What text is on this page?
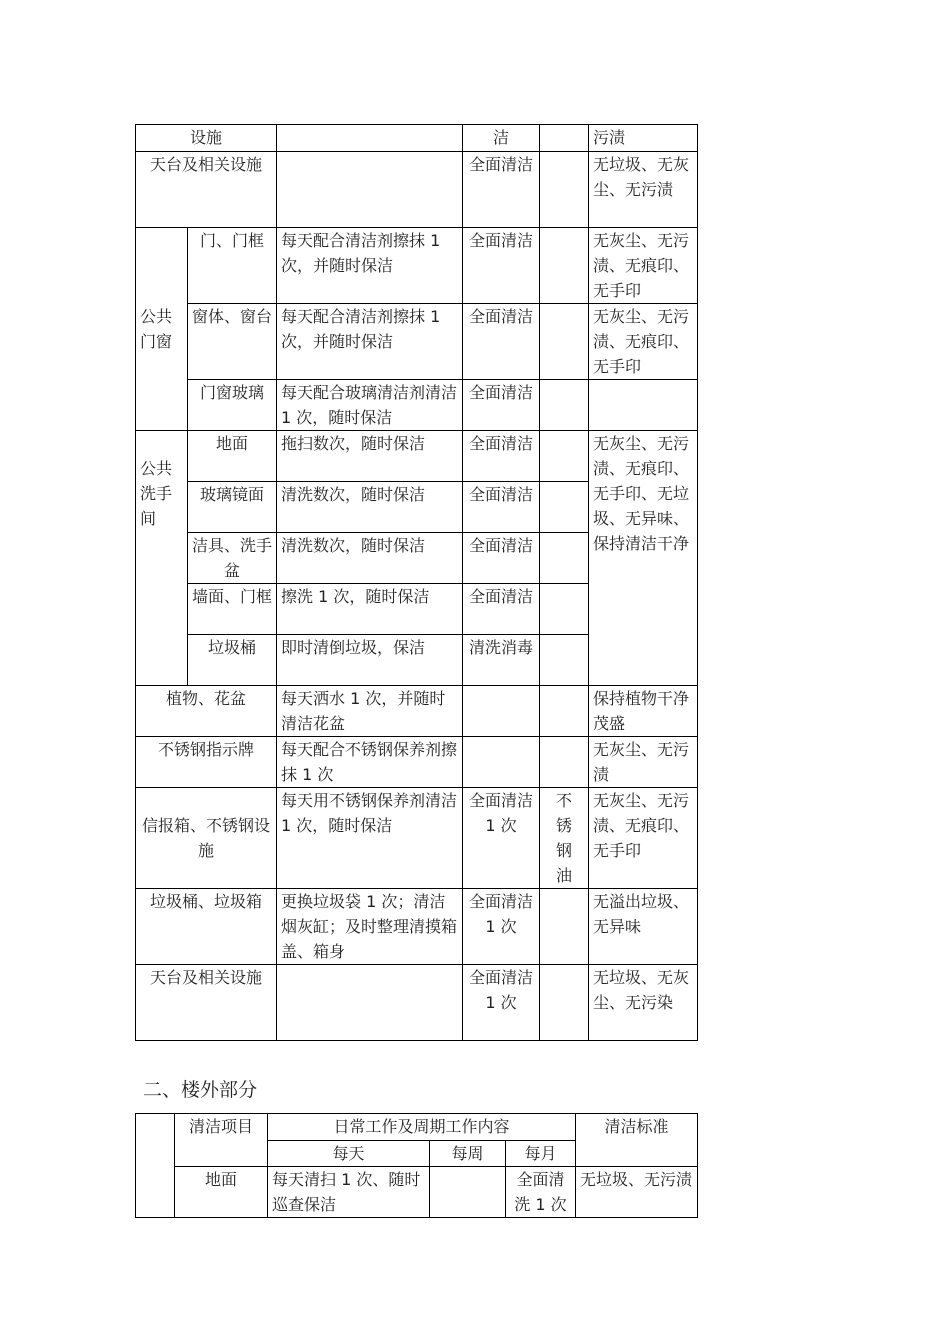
设施			洁		污渍
天台及相关设施			全面清洁		无垃圾、无灰尘、无污渍
公共门窗	门、门框	每天配合清洁剂擦抹 1 次，并随时保洁	全面清洁		无灰尘、无污渍、无痕印、无手印
	窗体、窗台	每天配合清洁剂擦抹 1 次，并随时保洁	全面清洁		无灰尘、无污渍、无痕印、无手印
	门窗玻璃	每天配合玻璃清洁剂清洁 1 次，随时保洁	全面清洁		
公共洗手间	地面	拖扫数次，随时保洁	全面清洁		无灰尘、无污渍、无痕印、无手印、无垃圾、无异味、保持清洁干净
	玻璃镜面	清洗数次，随时保洁	全面清洁		
	洁具、洗手盆	清洗数次，随时保洁	全面清洁		
	墙面、门框	擦洗 1 次，随时保洁	全面清洁		
	垃圾桶	即时清倒垃圾，保洁	清洗消毒		
植物、花盆		每天洒水 1 次，并随时清洁花盆			保持植物干净茂盛
不锈钢指示牌		每天配合不锈钢保养剂擦抹 1 次			无灰尘、无污渍
信报箱、不锈钢设施		每天用不锈钢保养剂清洁 1 次，随时保洁	全面清洁 1 次	不锈钢油	无灰尘、无污渍、无痕印、无手印
垃圾桶、垃圾箱		更换垃圾袋 1 次；清洁烟灰缸；及时整理清摸箱盖、箱身	全面清洁 1 次		无溢出垃圾、无异味
天台及相关设施			全面清洁 1 次		无垃圾、无灰尘、无污染
二、楼外部分
	清洁项目	日常工作及周期工作内容			清洁标准
		每天	每周	每月	
	地面	每天清扫 1 次、随时巡查保洁		全面清洗 1 次	无垃圾、无污渍
